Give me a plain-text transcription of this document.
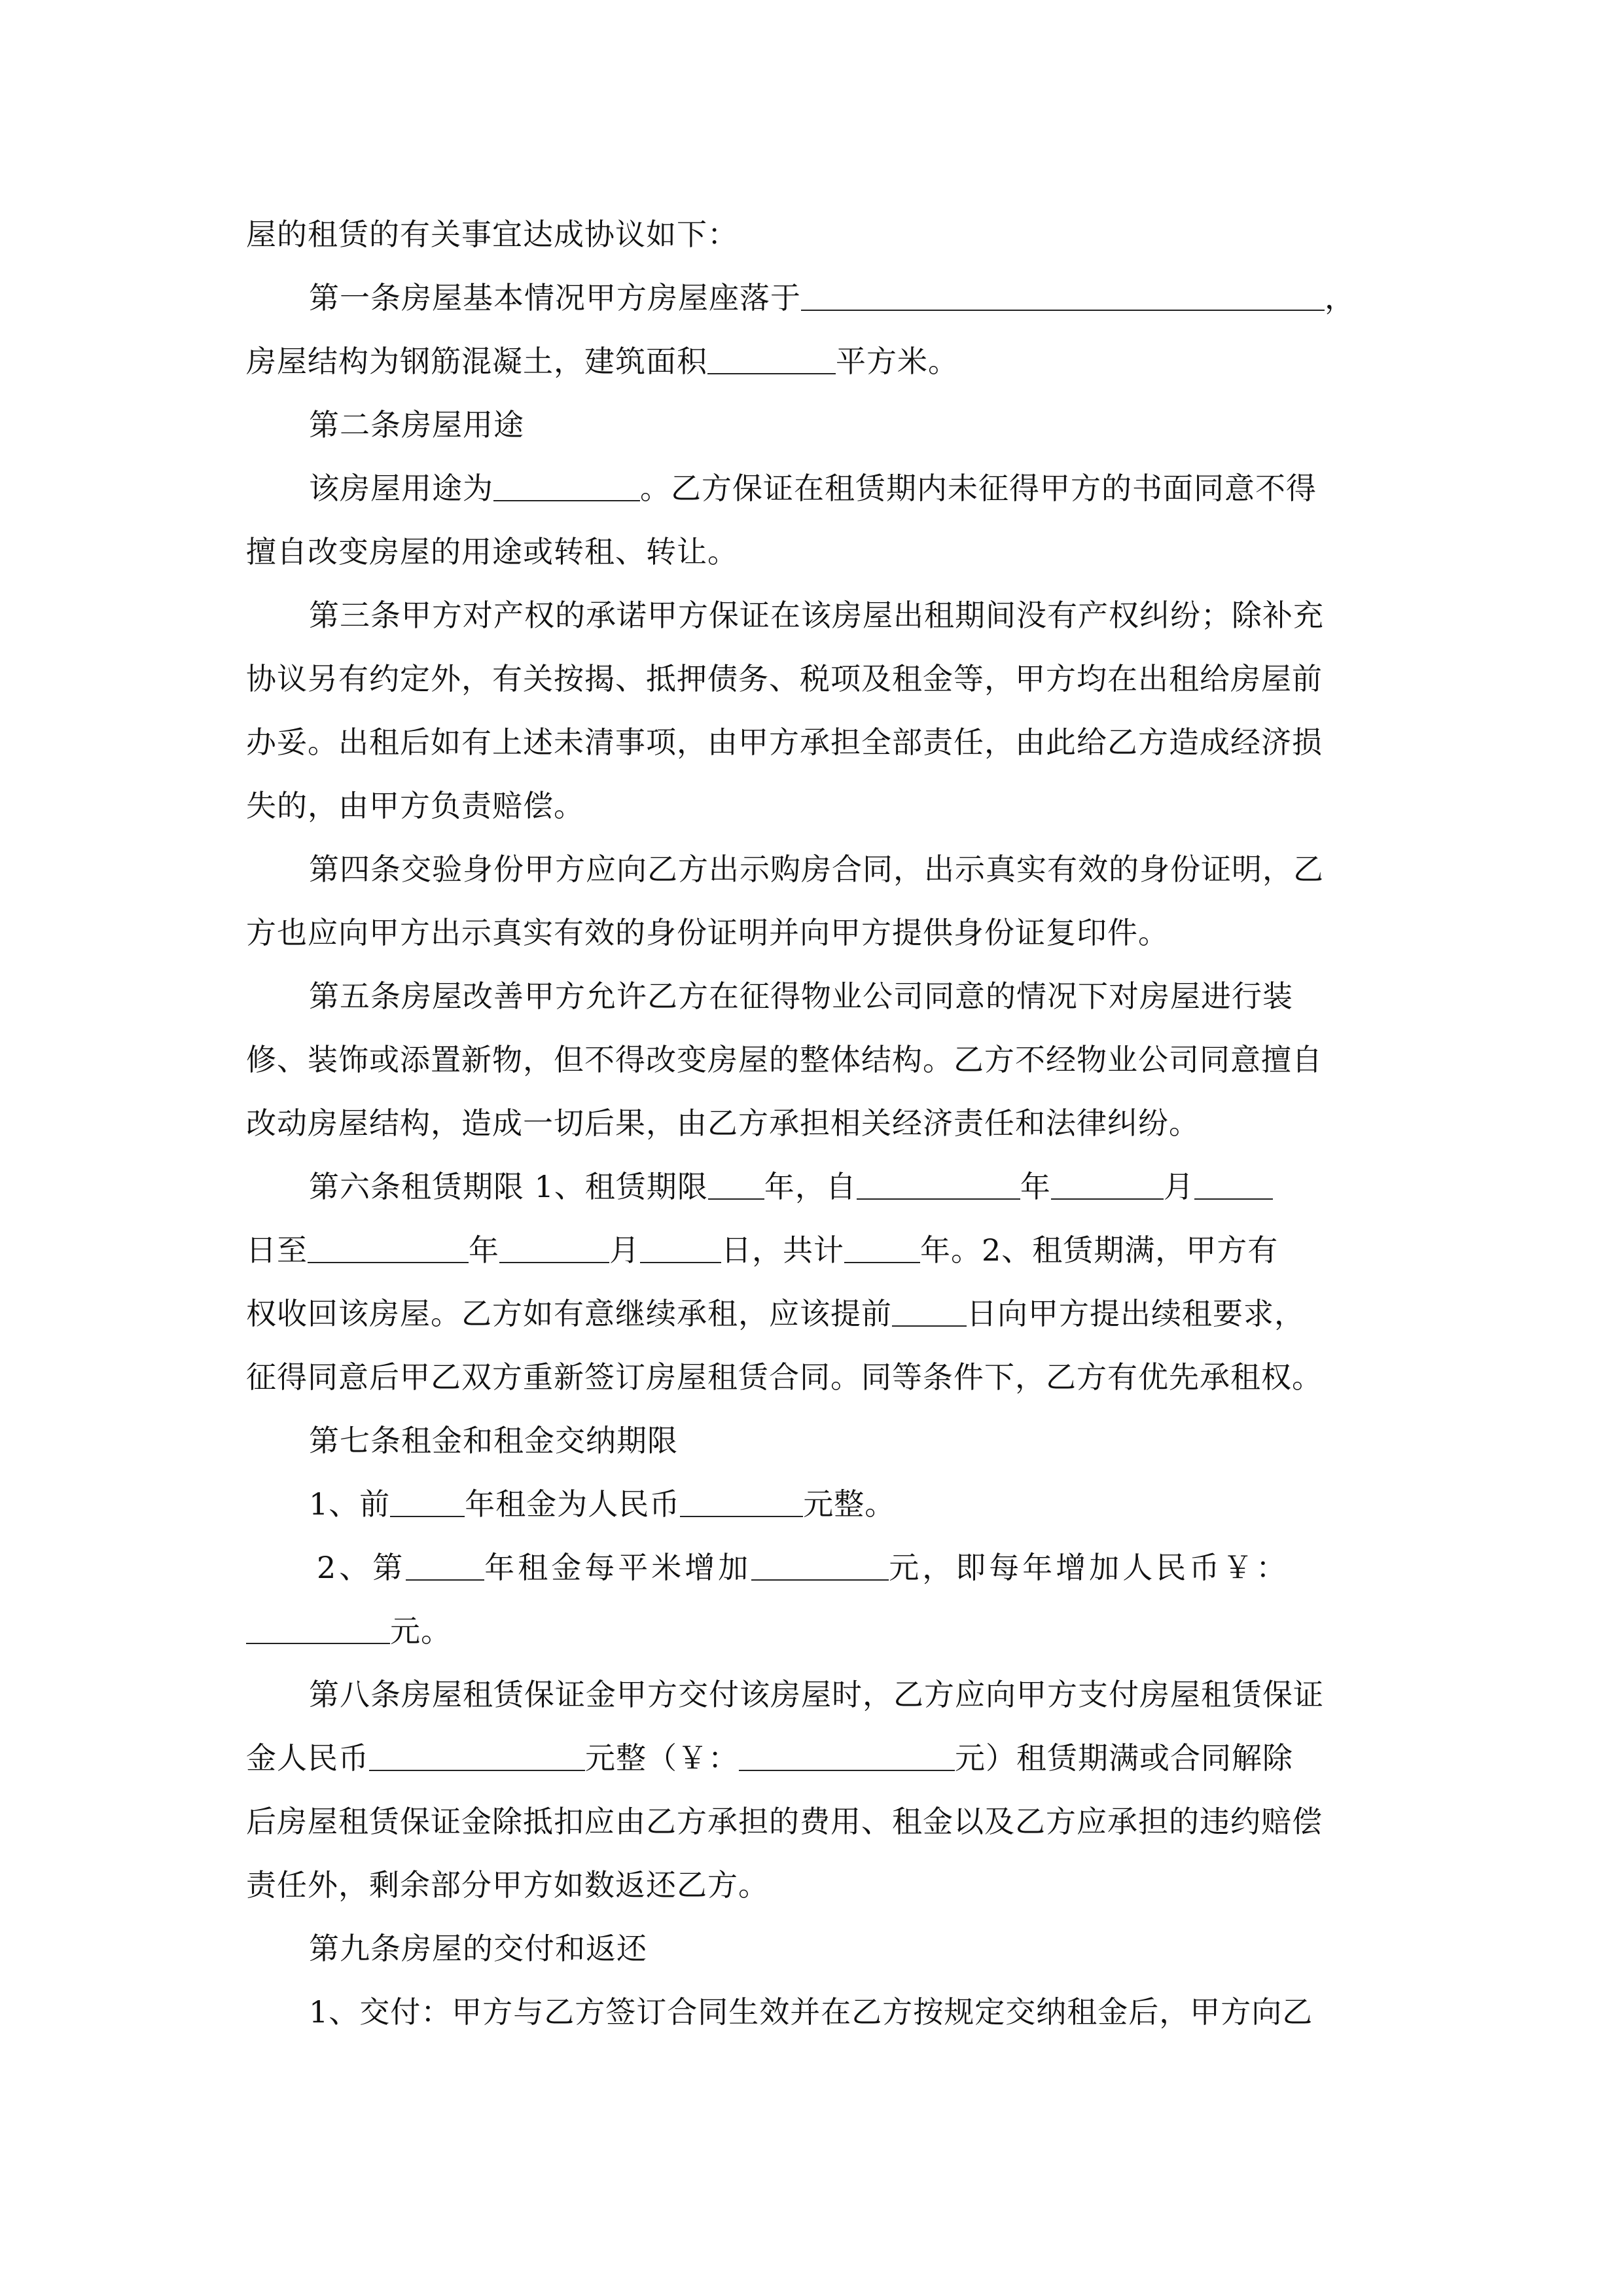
屋的租赁的有关事宜达成协议如下：
第一条房屋基本情况甲方房屋座落于	，
房屋结构为钢筋混凝土，建筑面积	平方米。
第二条房屋用途
该房屋用途为	。乙方保证在租赁期内未征得甲方的书面同意不得
擅自改变房屋的用途或转租、转让。
第三条甲方对产权的承诺甲方保证在该房屋出租期间没有产权纠纷；除补充
协议另有约定外，有关按揭、抵押债务、税项及租金等，甲方均在出租给房屋前
办妥。出租后如有上述未清事项，由甲方承担全部责任，由此给乙方造成经济损
失的，由甲方负责赔偿。
第四条交验身份甲方应向乙方出示购房合同，出示真实有效的身份证明，乙
方也应向甲方出示真实有效的身份证明并向甲方提供身份证复印件。
第五条房屋改善甲方允许乙方在征得物业公司同意的情况下对房屋进行装
修、装饰或添置新物，但不得改变房屋的整体结构。乙方不经物业公司同意擅自
改动房屋结构，造成一切后果，由乙方承担相关经济责任和法律纠纷。
第六条租赁期限 1、租赁期限 年，自	年	月
日至	年	月	日，共计	年。2、租赁期满，甲方有
权收回该房屋。乙方如有意继续承租，应该提前 日向甲方提出续租要求，
征得同意后甲乙双方重新签订房屋租赁合同。同等条件下，乙方有优先承租权。
第七条租金和租金交纳期限
1、前 年租金为人民币	元整。
2、第	年租金每平米增加	元，即每年增加人民币￥：
元。
第八条房屋租赁保证金甲方交付该房屋时，乙方应向甲方支付房屋租赁保证
金人民币	元整（￥：	元）租赁期满或合同解除
后房屋租赁保证金除抵扣应由乙方承担的费用、租金以及乙方应承担的违约赔偿
责任外，剩余部分甲方如数返还乙方。
第九条房屋的交付和返还
1、交付：甲方与乙方签订合同生效并在乙方按规定交纳租金后，甲方向乙
